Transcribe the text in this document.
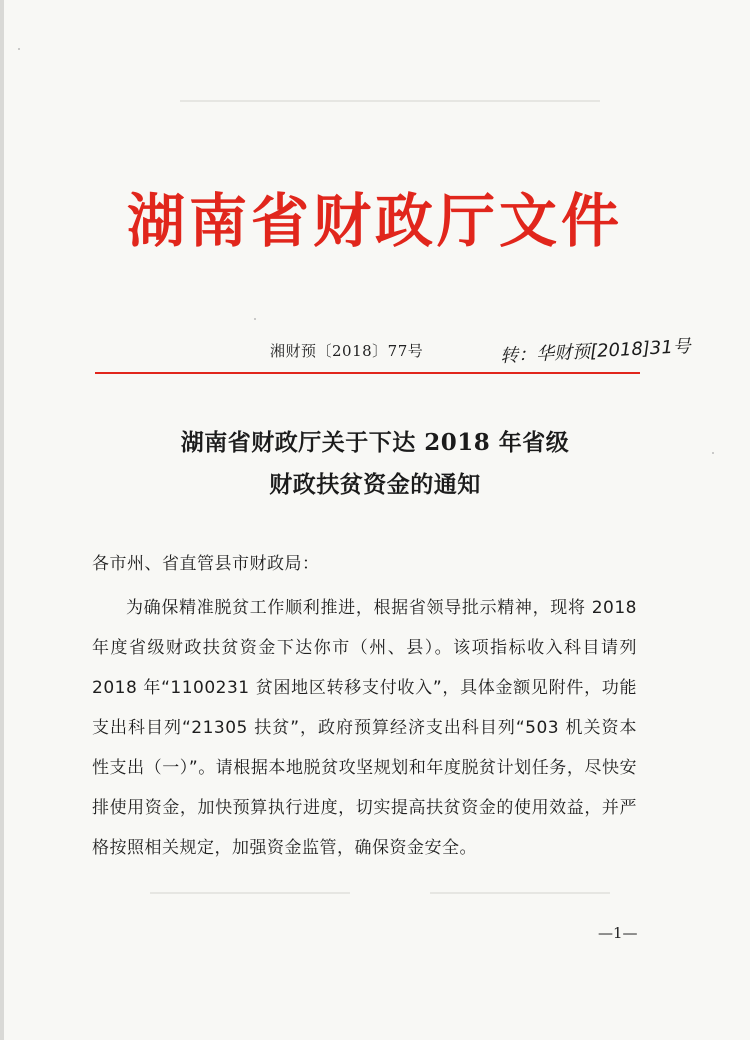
湖南省财政厅文件
湘财预〔2018〕77号	转：华财预[2018]31号
湖南省财政厅关于下达 2018 年省级
财政扶贫资金的通知
各市州、省直管县市财政局：

为确保精准脱贫工作顺利推进，根据省领导批示精神，现将 2018 年度省级财政扶贫资金下达你市（州、县）。该项指标收入科目请列 2018 年“1100231 贫困地区转移支付收入”，具体金额见附件，功能支出科目列“21305 扶贫”，政府预算经济支出科目列“503 机关资本性支出（一）”。请根据本地脱贫攻坚规划和年度脱贫计划任务，尽快安排使用资金，加快预算执行进度，切实提高扶贫资金的使用效益，并严格按照相关规定，加强资金监管，确保资金安全。

—1—
